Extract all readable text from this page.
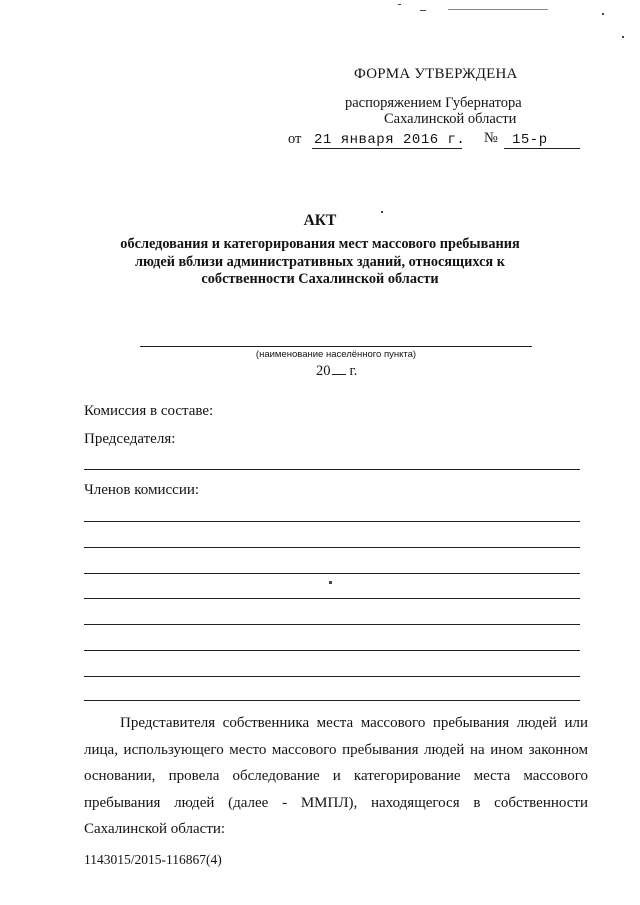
ФОРМА УТВЕРЖДЕНА
распоряжением Губернатора
Сахалинской области
от 21 января 2016 г. № 15-р
АКТ
обследования и категорирования мест массового пребывания людей вблизи административных зданий, относящихся к собственности Сахалинской области
(наименование населённого пункта)
20 г.
Комиссия в составе:
Председателя:
Членов комиссии:
Представителя собственника места массового пребывания людей или лица, использующего место массового пребывания людей на ином законном основании, провела обследование и категорирование места массового пребывания людей (далее - ММПЛ), находящегося в собственности Сахалинской области:
1143015/2015-116867(4)
